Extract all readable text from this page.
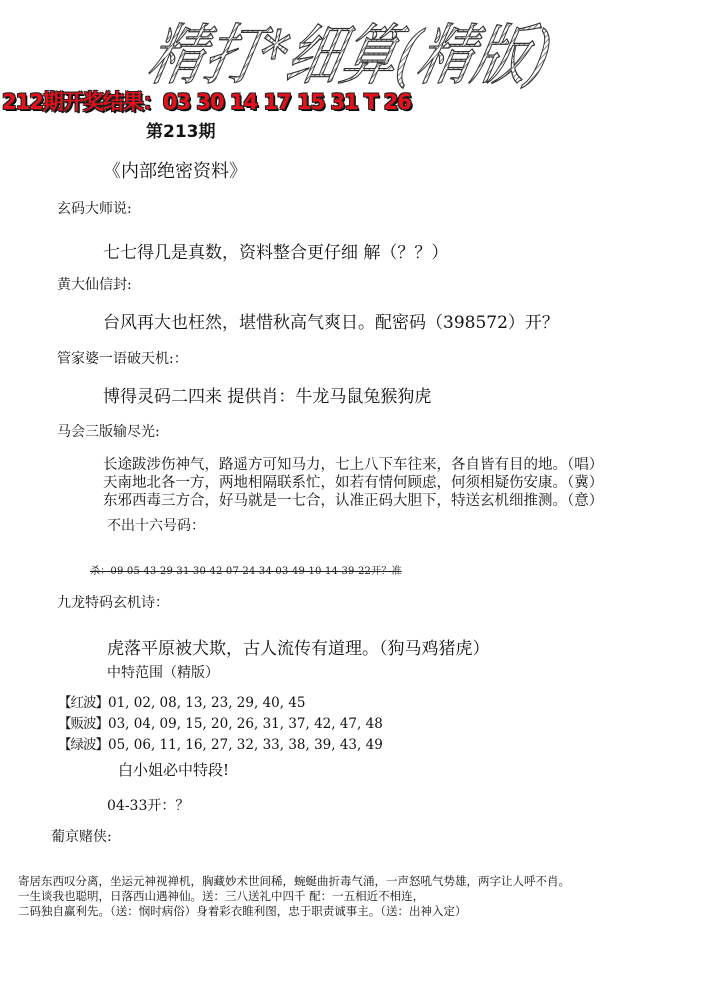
精打*细算(精版)
212期开奖结果：03 30 14 17 15 31 T 26
第213期
《内部绝密资料》
玄码大师说:
七七得几是真数，资料整合更仔细 解（？？）
黄大仙信封:
台风再大也枉然，堪惜秋高气爽日。配密码（398572）开？
管家婆一语破天机:：
博得灵码二四来 提供肖：牛龙马鼠兔猴狗虎
马会三版输尽光:
长途跋涉伤神气，路遥方可知马力，七上八下车往来，各自皆有目的地。（唱）
天南地北各一方，两地相隔联系忙，如若有情何顾虑，何须相疑伤安康。（冀）
东邪西毒三方合，好马就是一七合，认准正码大胆下，特送玄机细推测。（意）
不出十六号码：
杀：09 05 43 29 31 30 42 07 24 34 03 49 10 14 39 22开？准
九龙特码玄机诗：
虎落平原被犬欺，古人流传有道理。（狗马鸡猪虎）
中特范围（精版）
【红波】01, 02, 08, 13, 23, 29, 40, 45
【贩波】03, 04, 09, 15, 20, 26, 31, 37, 42, 47, 48
【绿波】05, 06, 11, 16, 27, 32, 33, 38, 39, 43, 49
白小姐必中特段!
04-33开：？
葡京赌侠:
寄居东西叹分离，坐运元神视禅机，胸藏妙术世间稀，蜿蜒曲折毒气涌，一声怒吼气势雄，两字让人呼不肖。
一生谈我也聪明，日落西山遇神仙。送：三八送礼中四千 配：一五相近不相连，
二码独自赢利先。（送：悯时病俗）身着彩衣睢利图，忠于职责诚事主。（送：出神入定）
